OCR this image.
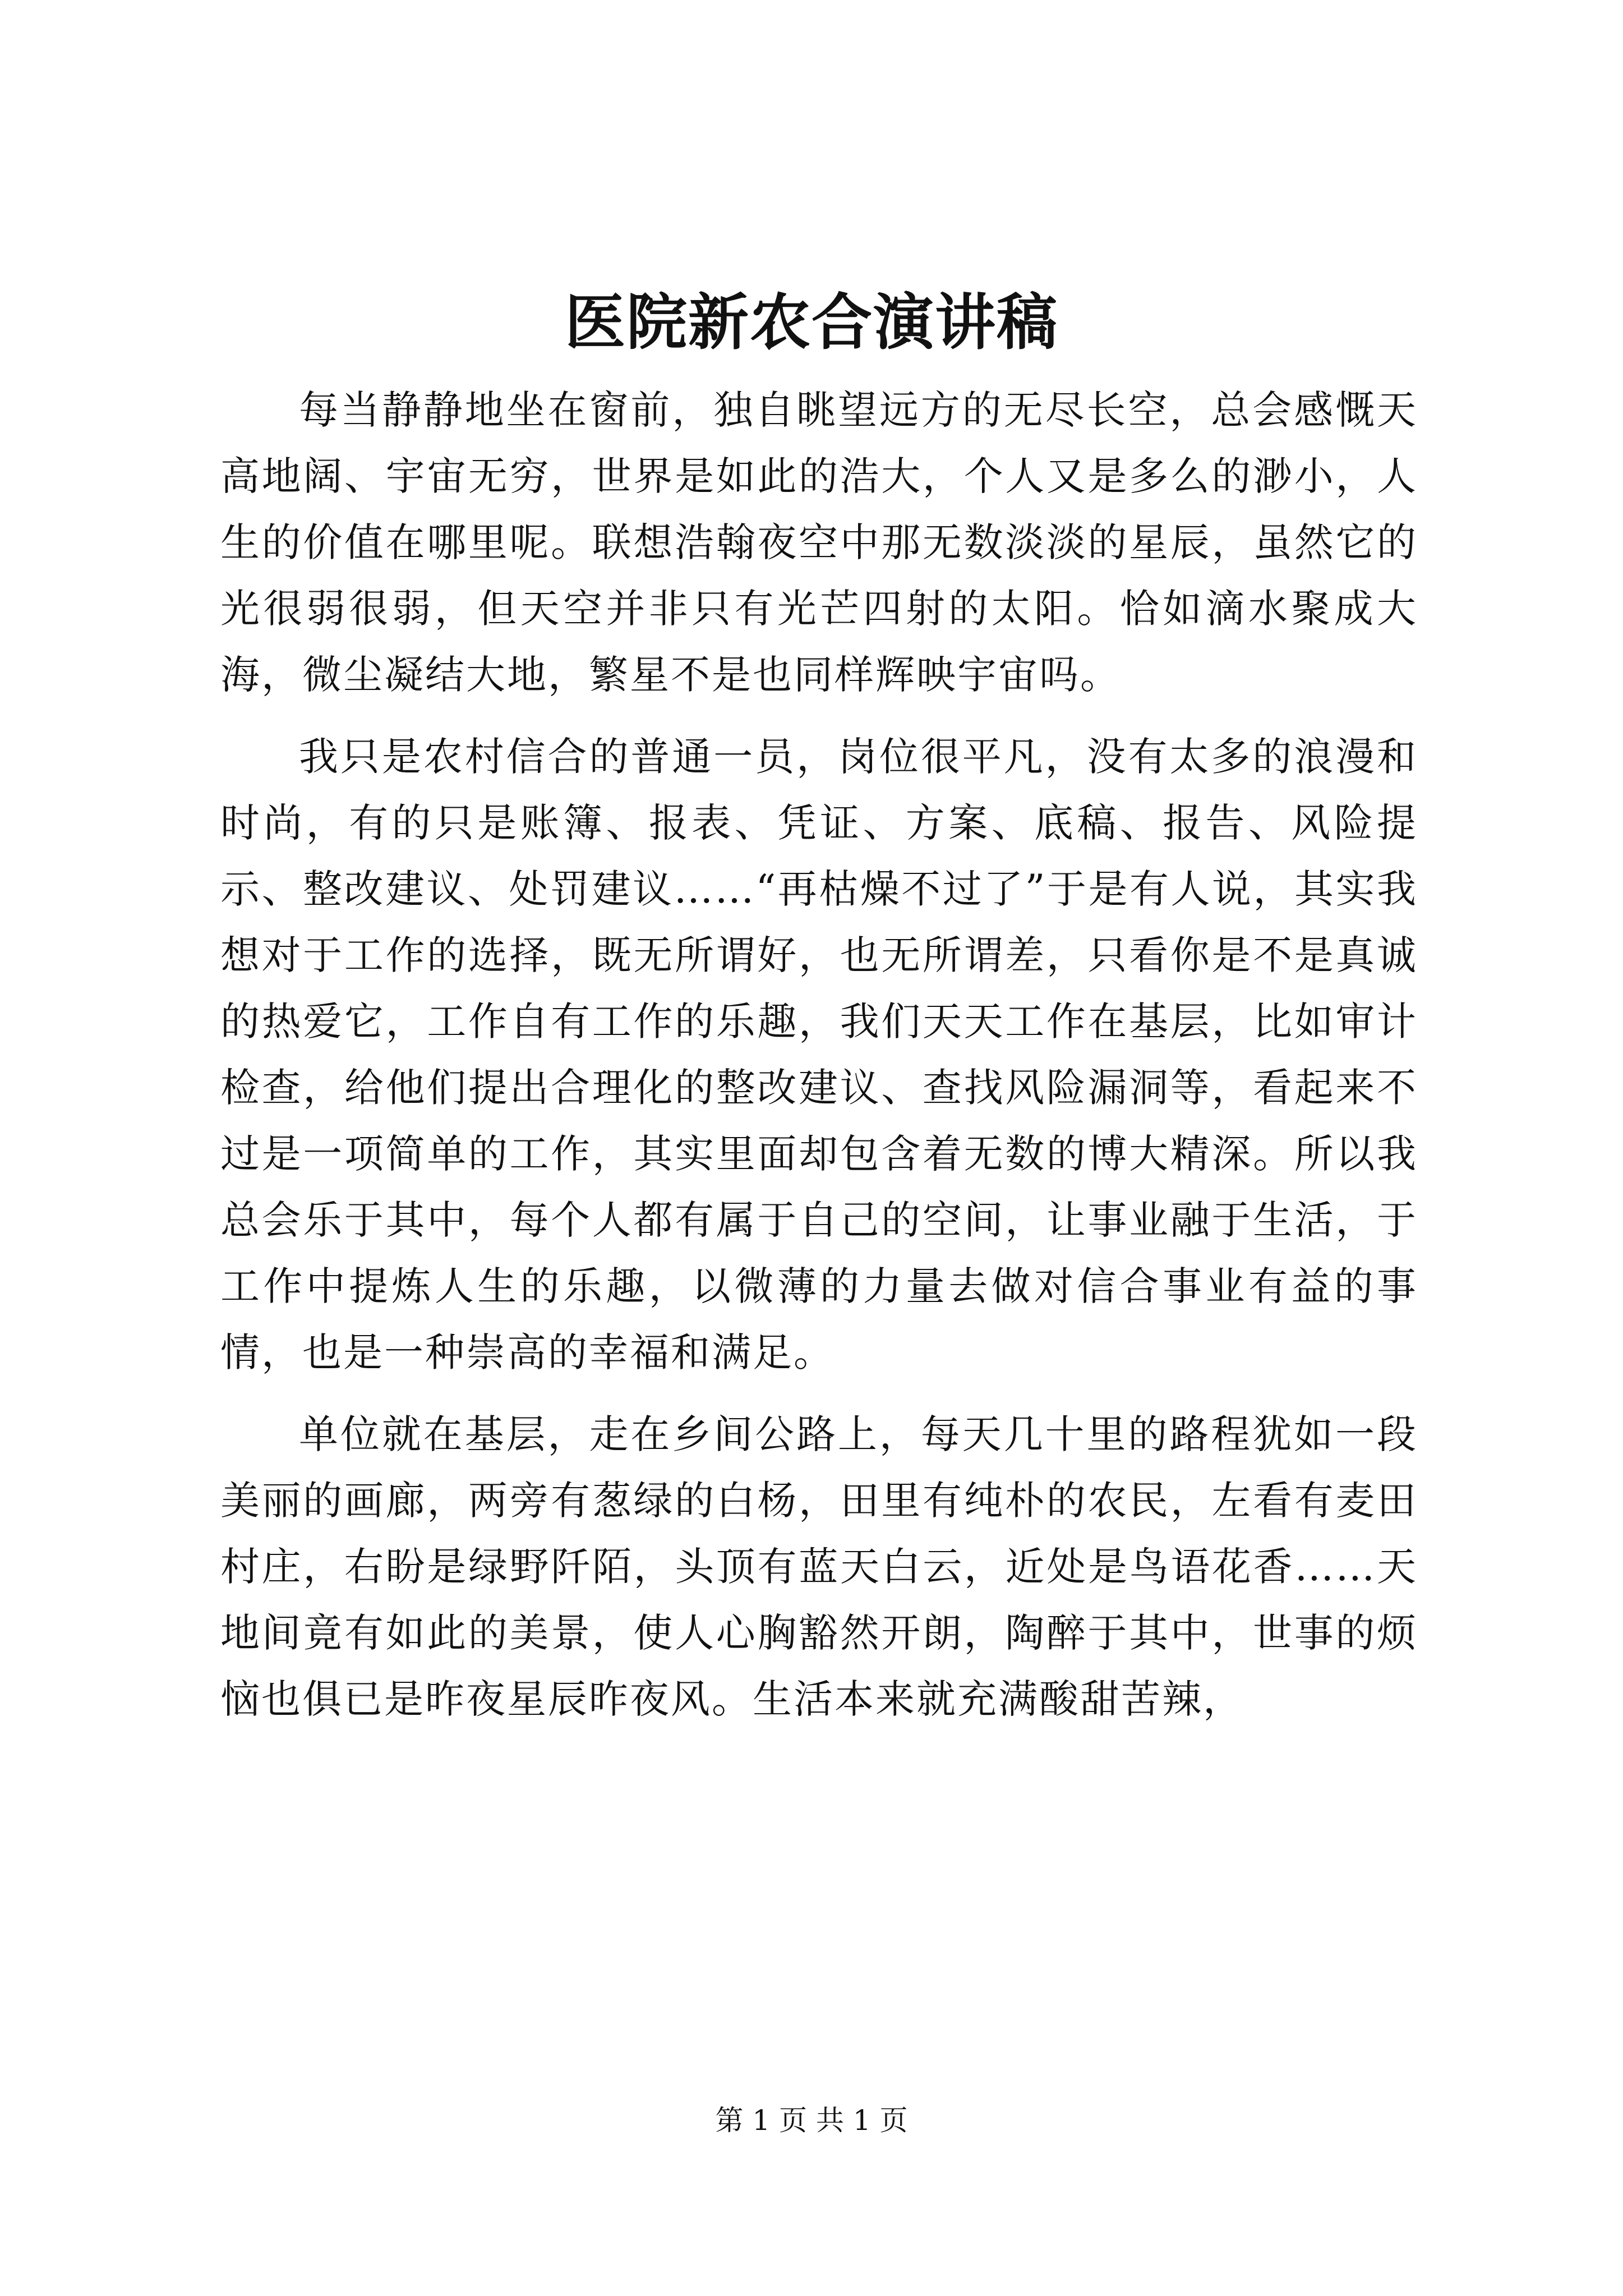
医院新农合演讲稿

每当静静地坐在窗前，独自眺望远方的无尽长空，总会感慨天高地阔、宇宙无穷，世界是如此的浩大，个人又是多么的渺小，人生的价值在哪里呢。联想浩翰夜空中那无数淡淡的星辰，虽然它的光很弱很弱，但天空并非只有光芒四射的太阳。恰如滴水聚成大海，微尘凝结大地，繁星不是也同样辉映宇宙吗。

我只是农村信合的普通一员，岗位很平凡，没有太多的浪漫和时尚，有的只是账簿、报表、凭证、方案、底稿、报告、风险提示、整改建议、处罚建议……“再枯燥不过了”于是有人说，其实我想对于工作的选择，既无所谓好，也无所谓差，只看你是不是真诚的热爱它，工作自有工作的乐趣，我们天天工作在基层，比如审计检查，给他们提出合理化的整改建议、查找风险漏洞等，看起来不过是一项简单的工作，其实里面却包含着无数的博大精深。所以我总会乐于其中，每个人都有属于自己的空间，让事业融于生活，于工作中提炼人生的乐趣，以微薄的力量去做对信合事业有益的事情，也是一种崇高的幸福和满足。

单位就在基层，走在乡间公路上，每天几十里的路程犹如一段美丽的画廊，两旁有葱绿的白杨，田里有纯朴的农民，左看有麦田村庄，右盼是绿野阡陌，头顶有蓝天白云，近处是鸟语花香……天地间竟有如此的美景，使人心胸豁然开朗，陶醉于其中，世事的烦恼也俱已是昨夜星辰昨夜风。生活本来就充满酸甜苦辣，

第 1 页 共 1 页
